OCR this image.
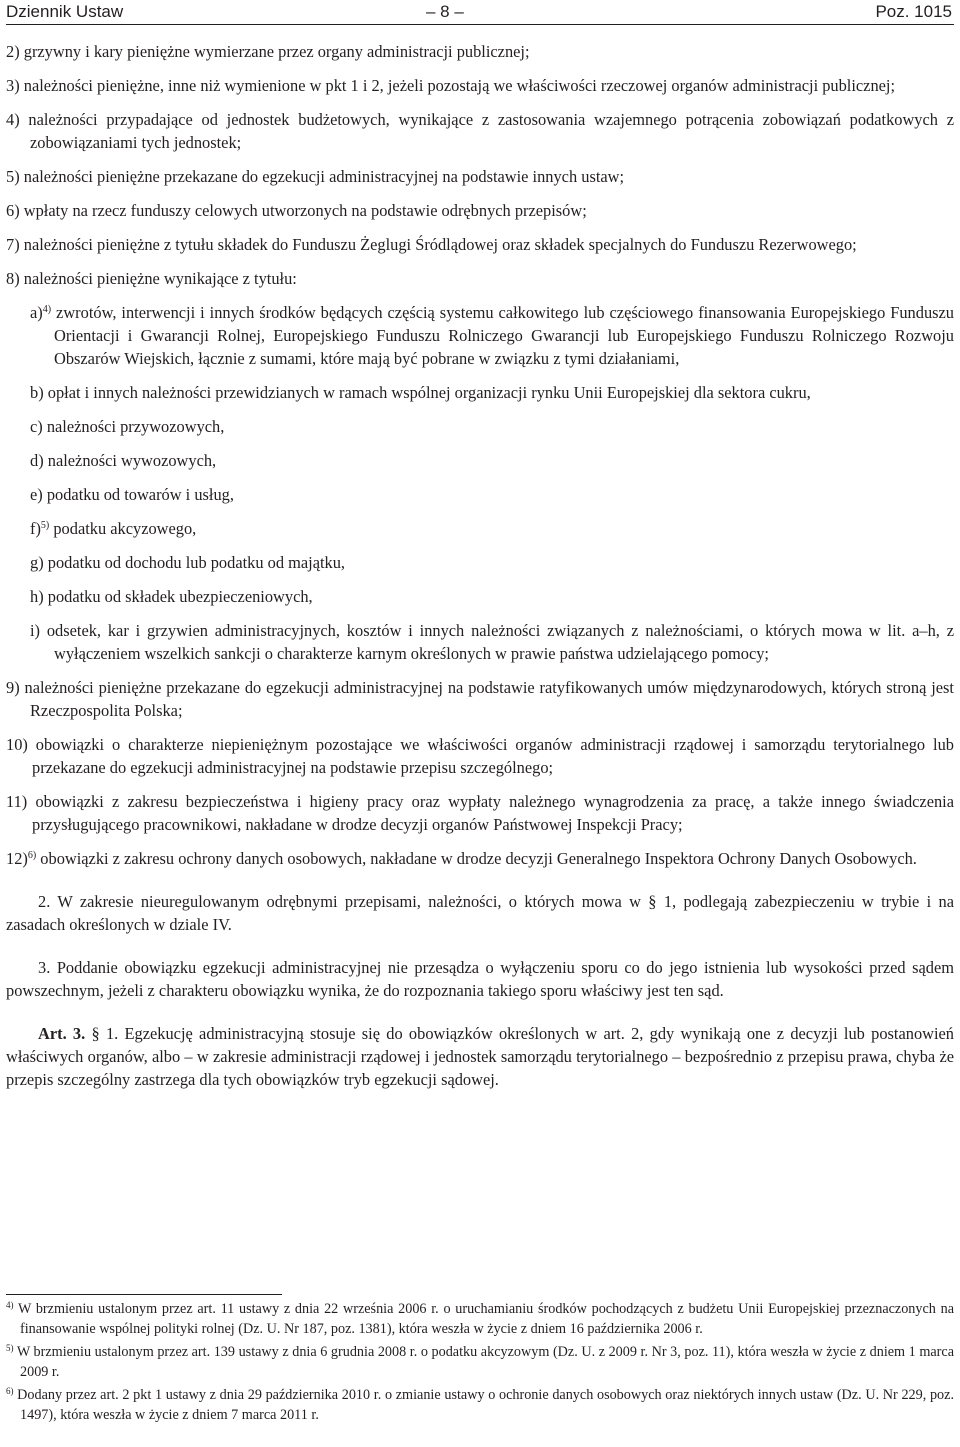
Dziennik Ustaw	– 8 –	Poz. 1015

2) grzywny i kary pieniężne wymierzane przez organy administracji publicznej;

3) należności pieniężne, inne niż wymienione w pkt 1 i 2, jeżeli pozostają we właściwości rzeczowej organów administracji publicznej;

4) należności przypadające od jednostek budżetowych, wynikające z zastosowania wzajemnego potrącenia zobowiązań podatkowych z zobowiązaniami tych jednostek;

5) należności pieniężne przekazane do egzekucji administracyjnej na podstawie innych ustaw;

6) wpłaty na rzecz funduszy celowych utworzonych na podstawie odrębnych przepisów;

7) należności pieniężne z tytułu składek do Funduszu Żeglugi Śródlądowej oraz składek specjalnych do Funduszu Rezerwowego;

8) należności pieniężne wynikające z tytułu:

a)$^{4)}$ zwrotów, interwencji i innych środków będących częścią systemu całkowitego lub częściowego finansowania Europejskiego Funduszu Orientacji i Gwarancji Rolnej, Europejskiego Funduszu Rolniczego Gwarancji lub Europejskiego Funduszu Rolniczego Rozwoju Obszarów Wiejskich, łącznie z sumami, które mają być pobrane w związku z tymi działaniami,

b) opłat i innych należności przewidzianych w ramach wspólnej organizacji rynku Unii Europejskiej dla sektora cukru,

c) należności przywozowych,

d) należności wywozowych,

e) podatku od towarów i usług,

f)$^{5)}$ podatku akcyzowego,

g) podatku od dochodu lub podatku od majątku,

h) podatku od składek ubezpieczeniowych,

i) odsetek, kar i grzywien administracyjnych, kosztów i innych należności związanych z należnościami, o których mowa w lit. a–h, z wyłączeniem wszelkich sankcji o charakterze karnym określonych w prawie państwa udzielającego pomocy;

9) należności pieniężne przekazane do egzekucji administracyjnej na podstawie ratyfikowanych umów międzynarodowych, których stroną jest Rzeczpospolita Polska;

10) obowiązki o charakterze niepieniężnym pozostające we właściwości organów administracji rządowej i samorządu terytorialnego lub przekazane do egzekucji administracyjnej na podstawie przepisu szczególnego;

11) obowiązki z zakresu bezpieczeństwa i higieny pracy oraz wypłaty należnego wynagrodzenia za pracę, a także innego świadczenia przysługującego pracownikowi, nakładane w drodze decyzji organów Państwowej Inspekcji Pracy;

12)$^{6)}$ obowiązki z zakresu ochrony danych osobowych, nakładane w drodze decyzji Generalnego Inspektora Ochrony Danych Osobowych.

2. W zakresie nieuregulowanym odrębnymi przepisami, należności, o których mowa w § 1, podlegają zabezpieczeniu w trybie i na zasadach określonych w dziale IV.

3. Poddanie obowiązku egzekucji administracyjnej nie przesądza o wyłączeniu sporu co do jego istnienia lub wysokości przed sądem powszechnym, jeżeli z charakteru obowiązku wynika, że do rozpoznania takiego sporu właściwy jest ten sąd.

Art. 3. § 1. Egzekucję administracyjną stosuje się do obowiązków określonych w art. 2, gdy wynikają one z decyzji lub postanowień właściwych organów, albo – w zakresie administracji rządowej i jednostek samorządu terytorialnego – bezpośrednio z przepisu prawa, chyba że przepis szczególny zastrzega dla tych obowiązków tryb egzekucji sądowej.

$^{4)}$ W brzmieniu ustalonym przez art. 11 ustawy z dnia 22 września 2006 r. o uruchamianiu środków pochodzących z budżetu Unii Europejskiej przeznaczonych na finansowanie wspólnej polityki rolnej (Dz. U. Nr 187, poz. 1381), która weszła w życie z dniem 16 października 2006 r.

$^{5)}$ W brzmieniu ustalonym przez art. 139 ustawy z dnia 6 grudnia 2008 r. o podatku akcyzowym (Dz. U. z 2009 r. Nr 3, poz. 11), która weszła w życie z dniem 1 marca 2009 r.

$^{6)}$ Dodany przez art. 2 pkt 1 ustawy z dnia 29 października 2010 r. o zmianie ustawy o ochronie danych osobowych oraz niektórych innych ustaw (Dz. U. Nr 229, poz. 1497), która weszła w życie z dniem 7 marca 2011 r.
